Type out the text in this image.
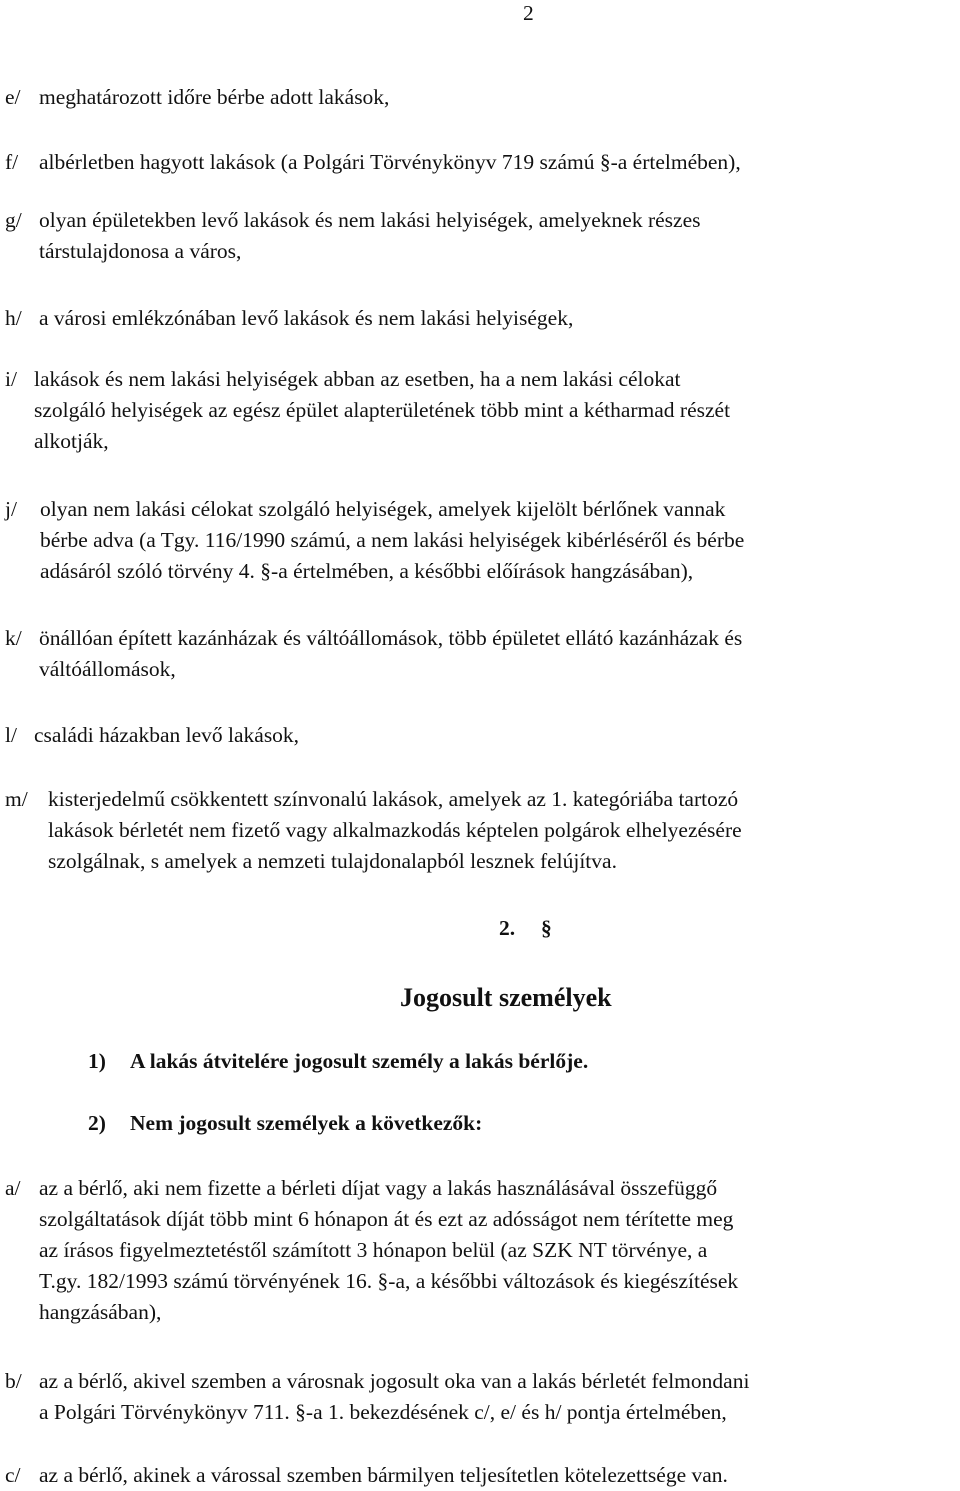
2
e/ meghatározott időre bérbe adott lakások,
f/ albérletben hagyott lakások (a Polgári Törvénykönyv 719 számú §-a értelmében),
g/ olyan épületekben levő lakások és nem lakási helyiségek, amelyeknek részes
társtulajdonosa a város,
h/ a városi emlékzónában levő lakások és nem lakási helyiségek,
i/ lakások és nem lakási helyiségek abban az esetben, ha a nem lakási célokat
szolgáló helyiségek az egész épület alapterületének több mint a kétharmad részét
alkotják,
j/ olyan nem lakási célokat szolgáló helyiségek, amelyek kijelölt bérlőnek vannak
bérbe adva (a Tgy. 116/1990 számú, a nem lakási helyiségek kibérléséről és bérbe
adásáról szóló törvény 4. §-a értelmében, a későbbi előírások hangzásában),
k/ önállóan épített kazánházak és váltóállomások, több épületet ellátó kazánházak és
váltóállomások,
l/ családi házakban levő lakások,
m/ kisterjedelmű csökkentett színvonalú lakások, amelyek az 1. kategóriába tartozó
lakások bérletét nem fizető vagy alkalmazkodás képtelen polgárok elhelyezésére
szolgálnak, s amelyek a nemzeti tulajdonalapból lesznek felújítva.
2. §
Jogosult személyek
1) A lakás átvitelére jogosult személy a lakás bérlője.
2) Nem jogosult személyek a következők:
a/ az a bérlő, aki nem fizette a bérleti díjat vagy a lakás használásával összefüggő
szolgáltatások díját több mint 6 hónapon át és ezt az adósságot nem térítette meg
az írásos figyelmeztetéstől számított 3 hónapon belül (az SZK NT törvénye, a
T.gy. 182/1993 számú törvényének 16. §-a, a későbbi változások és kiegészítések
hangzásában),
b/ az a bérlő, akivel szemben a városnak jogosult oka van a lakás bérletét felmondani
a Polgári Törvénykönyv 711. §-a 1. bekezdésének c/, e/ és h/ pontja értelmében,
c/ az a bérlő, akinek a várossal szemben bármilyen teljesítetlen kötelezettsége van.
